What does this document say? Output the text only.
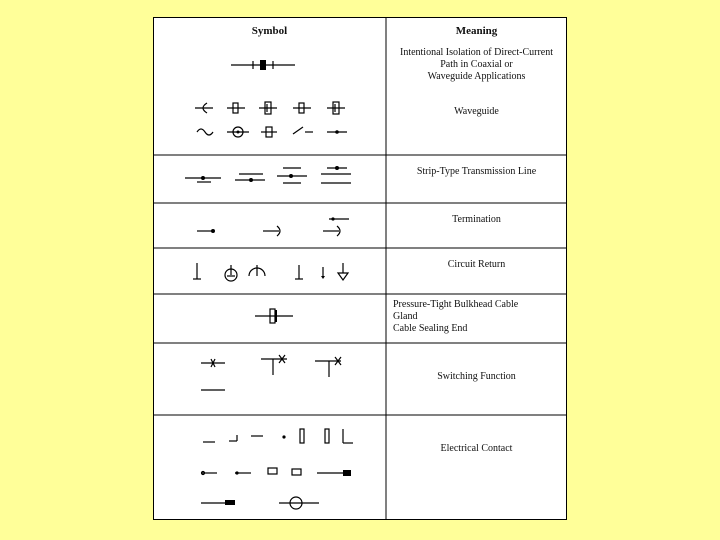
Symbol	Meaning
Intentional Isolation of Direct-Current
Path in Coaxial or
Waveguide Applications
Waveguide
Strip-Type Transmission Line
Termination
Circuit Return
Pressure-Tight Bulkhead Cable
Gland
Cable Sealing End
Switching Function
Electrical Contact
